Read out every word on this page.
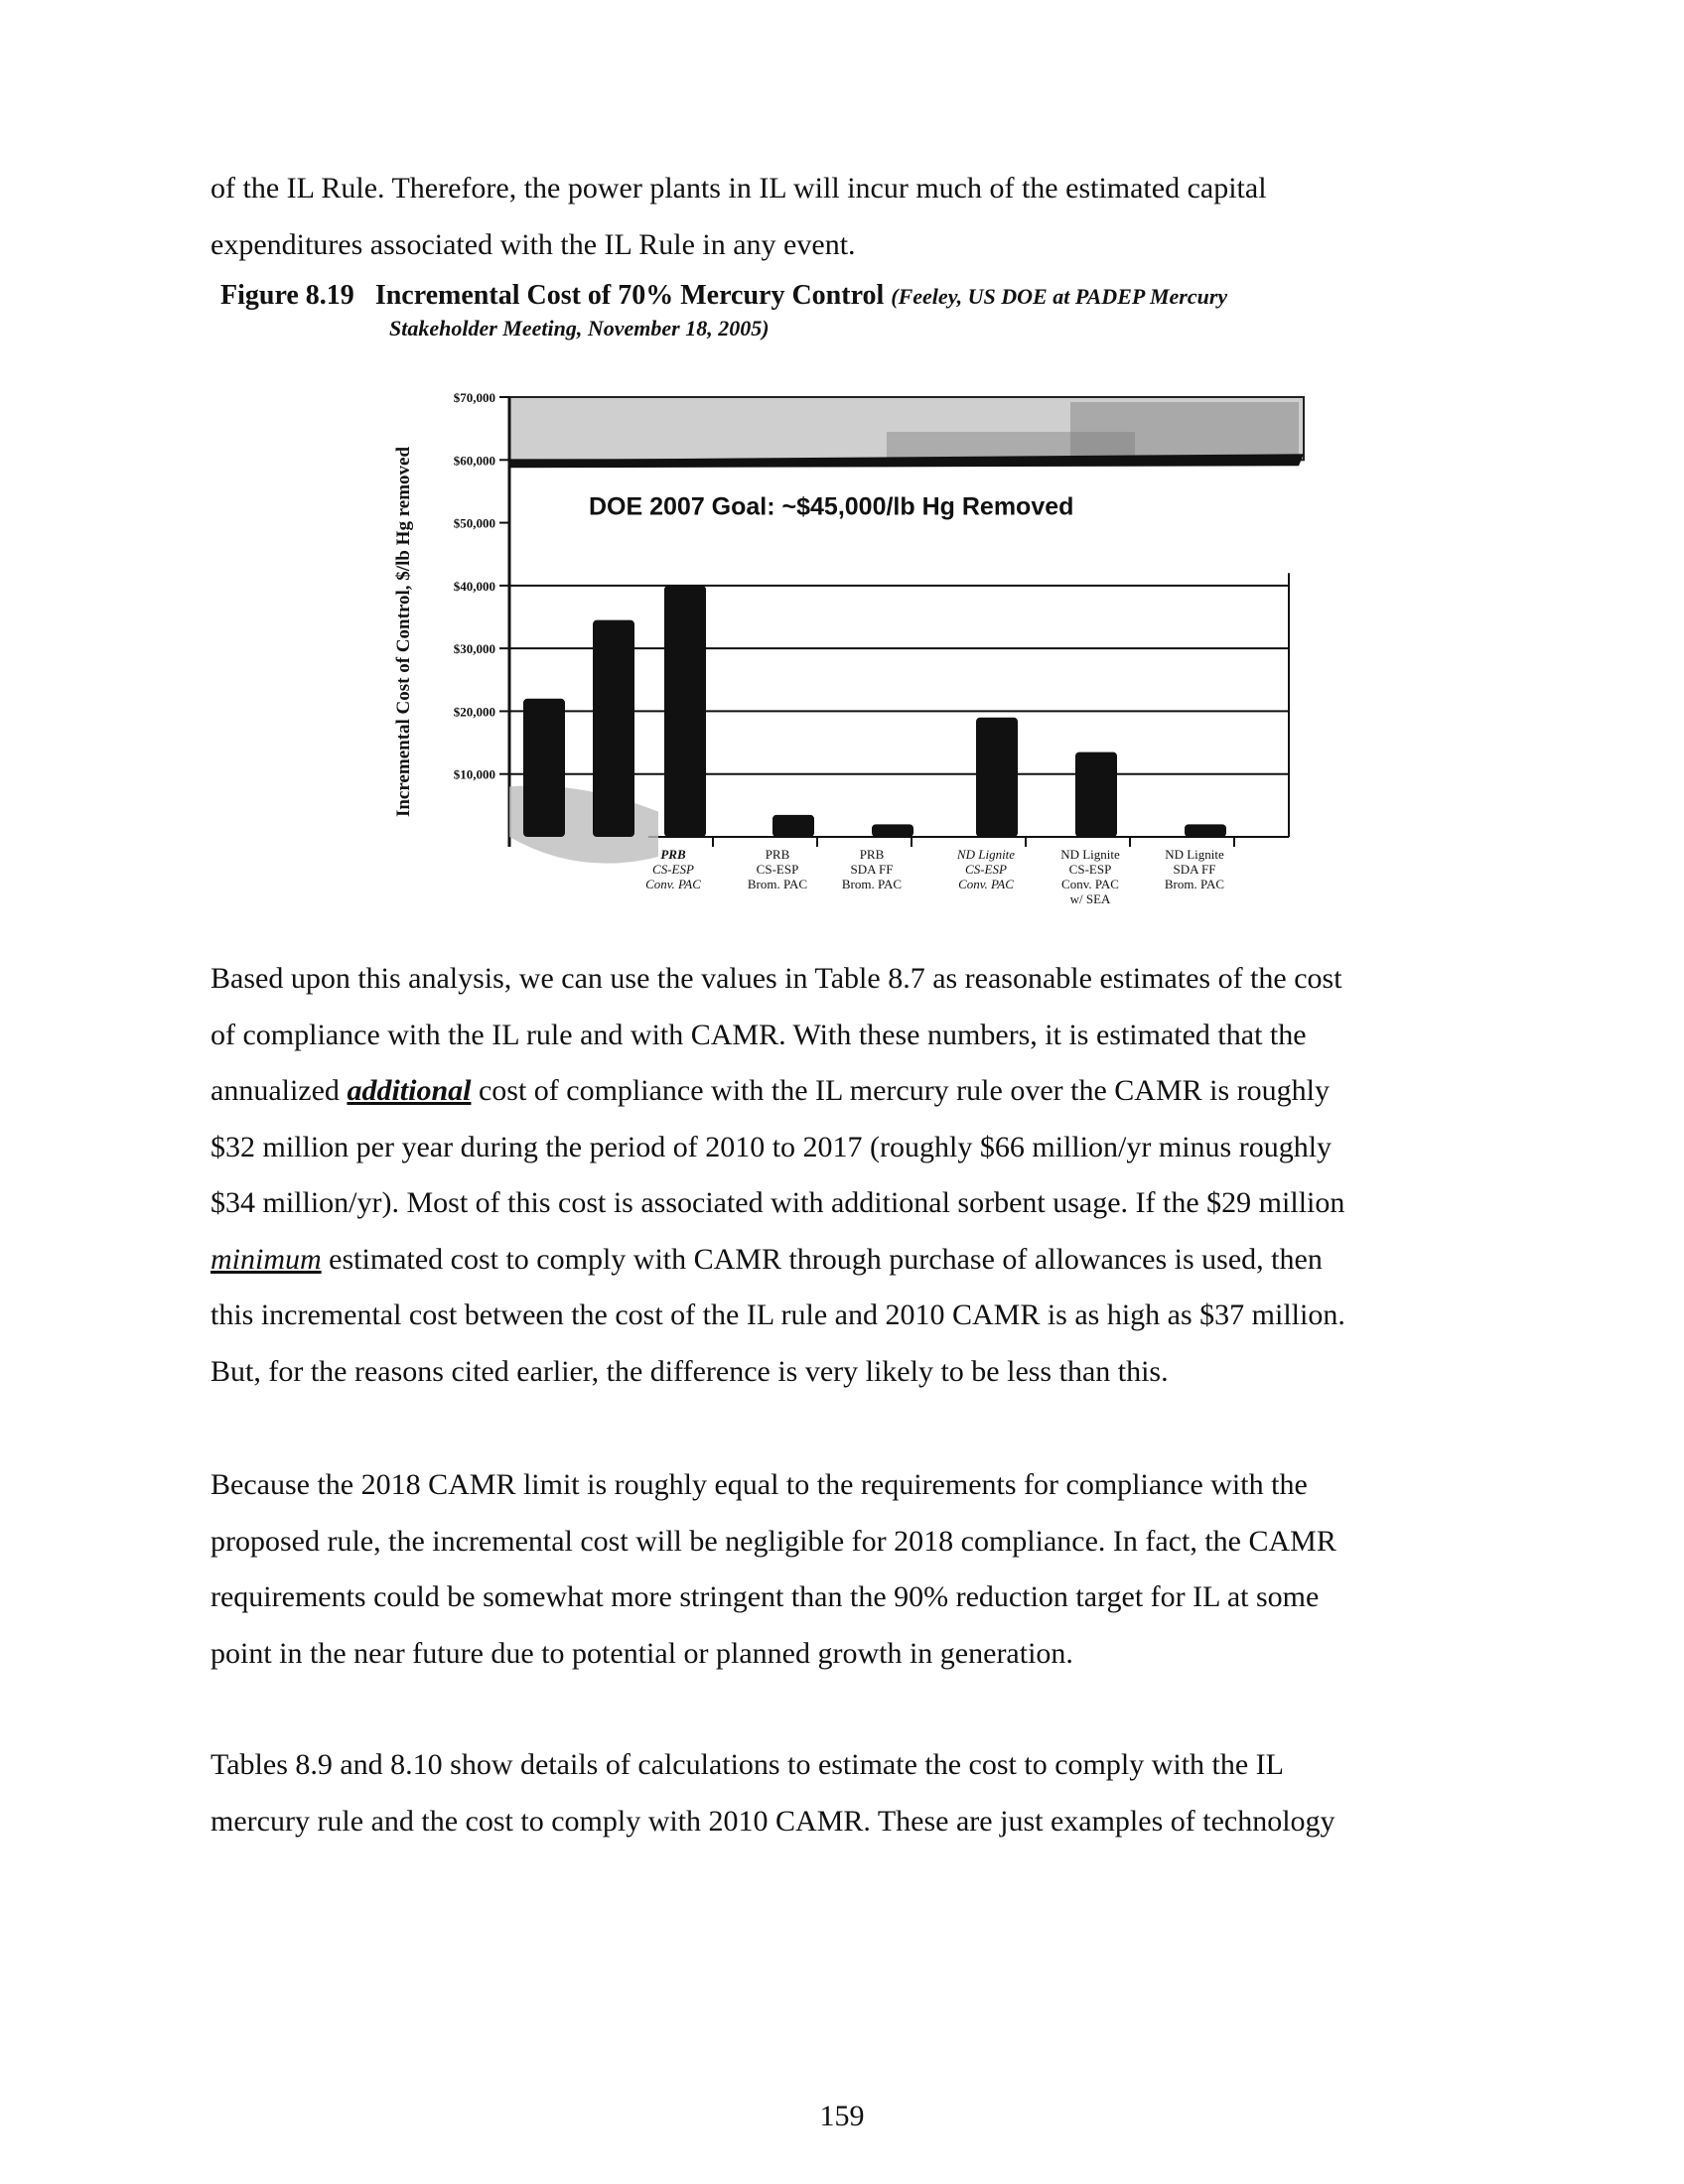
of the IL Rule. Therefore, the power plants in IL will incur much of the estimated capital
expenditures associated with the IL Rule in any event.
Figure 8.19 Incremental Cost of 70% Mercury Control (Feeley, US DOE at PADEP Mercury
Stakeholder Meeting, November 18, 2005)
DOE 2007 Goal: ~$45,000/lb Hg Removed
$10,000
$20,000
$30,000
$40,000
$50,000
$60,000
$70,000
PRB
CS-ESP
Conv. PAC
PRB
CS-ESP
Brom. PAC
PRB
SDA FF
Brom. PAC
ND Lignite
CS-ESP
Conv. PAC
ND Lignite
CS-ESP
Conv. PAC
w/ SEA
ND Lignite
SDA FF
Brom. PAC
Incremental Cost of Control, $/lb Hg removed
Based upon this analysis, we can use the values in Table 8.7 as reasonable estimates of the cost
of compliance with the IL rule and with CAMR. With these numbers, it is estimated that the
annualized additional cost of compliance with the IL mercury rule over the CAMR is roughly
$32 million per year during the period of 2010 to 2017 (roughly $66 million/yr minus roughly
$34 million/yr). Most of this cost is associated with additional sorbent usage. If the $29 million
minimum estimated cost to comply with CAMR through purchase of allowances is used, then
this incremental cost between the cost of the IL rule and 2010 CAMR is as high as $37 million.
But, for the reasons cited earlier, the difference is very likely to be less than this.
Because the 2018 CAMR limit is roughly equal to the requirements for compliance with the
proposed rule, the incremental cost will be negligible for 2018 compliance. In fact, the CAMR
requirements could be somewhat more stringent than the 90% reduction target for IL at some
point in the near future due to potential or planned growth in generation.
Tables 8.9 and 8.10 show details of calculations to estimate the cost to comply with the IL
mercury rule and the cost to comply with 2010 CAMR. These are just examples of technology
159
